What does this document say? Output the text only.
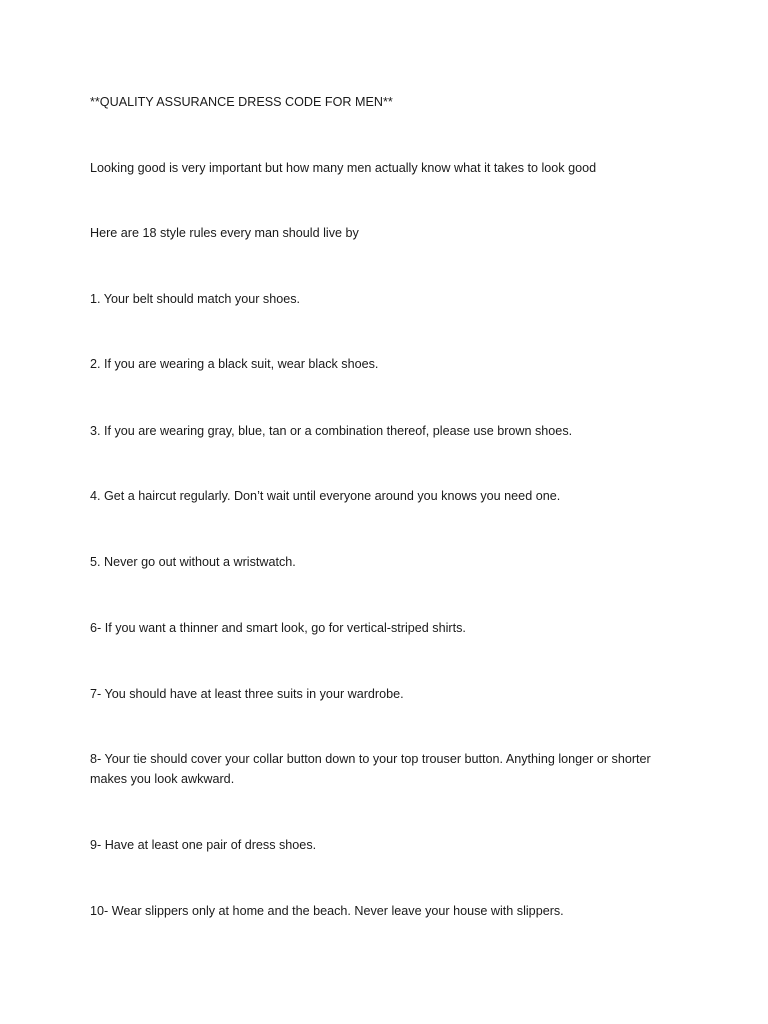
**QUALITY ASSURANCE DRESS CODE FOR MEN**

Looking good is very important but how many men actually know what it takes to look good

Here are 18 style rules every man should live by

1. Your belt should match your shoes.

2. If you are wearing a black suit, wear black shoes.

3. If you are wearing gray, blue, tan or a combination thereof, please use brown shoes.

4. Get a haircut regularly. Don’t wait until everyone around you knows you need one.

5. Never go out without a wristwatch.

6- If you want a thinner and smart look, go for vertical-striped shirts.

7- You should have at least three suits in your wardrobe.

8- Your tie should cover your collar button down to your top trouser button. Anything longer or shorter makes you look awkward.

9- Have at least one pair of dress shoes.

10- Wear slippers only at home and the beach. Never leave your house with slippers.
